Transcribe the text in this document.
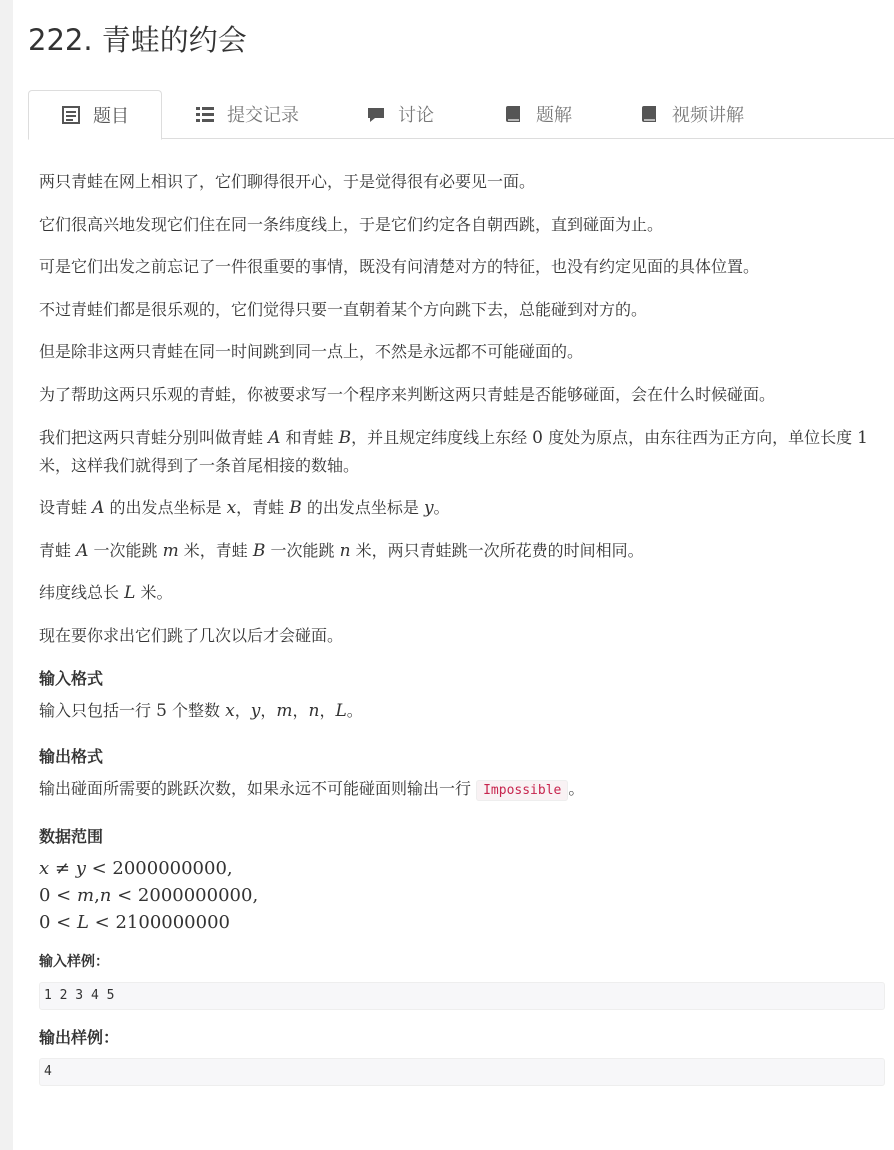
222. 青蛙的约会
题目	提交记录	讨论	题解	视频讲解

两只青蛙在网上相识了，它们聊得很开心，于是觉得很有必要见一面。

它们很高兴地发现它们住在同一条纬度线上，于是它们约定各自朝西跳，直到碰面为止。

可是它们出发之前忘记了一件很重要的事情，既没有问清楚对方的特征，也没有约定见面的具体位置。

不过青蛙们都是很乐观的，它们觉得只要一直朝着某个方向跳下去，总能碰到对方的。

但是除非这两只青蛙在同一时间跳到同一点上，不然是永远都不可能碰面的。

为了帮助这两只乐观的青蛙，你被要求写一个程序来判断这两只青蛙是否能够碰面，会在什么时候碰面。

我们把这两只青蛙分别叫做青蛙 A 和青蛙 B，并且规定纬度线上东经 0 度处为原点，由东往西为正方向，单位长度 1 米，这样我们就得到了一条首尾相接的数轴。

设青蛙 A 的出发点坐标是 x，青蛙 B 的出发点坐标是 y。

青蛙 A 一次能跳 m 米，青蛙 B 一次能跳 n 米，两只青蛙跳一次所花费的时间相同。

纬度线总长 L 米。

现在要你求出它们跳了几次以后才会碰面。

输入格式

输入只包括一行 5 个整数 x，y，m，n，L。

输出格式

输出碰面所需要的跳跃次数，如果永远不可能碰面则输出一行 Impossible 。

数据范围
x ≠ y < 2000000000,
0 < m,n < 2000000000,
0 < L < 2100000000
输入样例：
1 2 3 4 5
输出样例：
4
